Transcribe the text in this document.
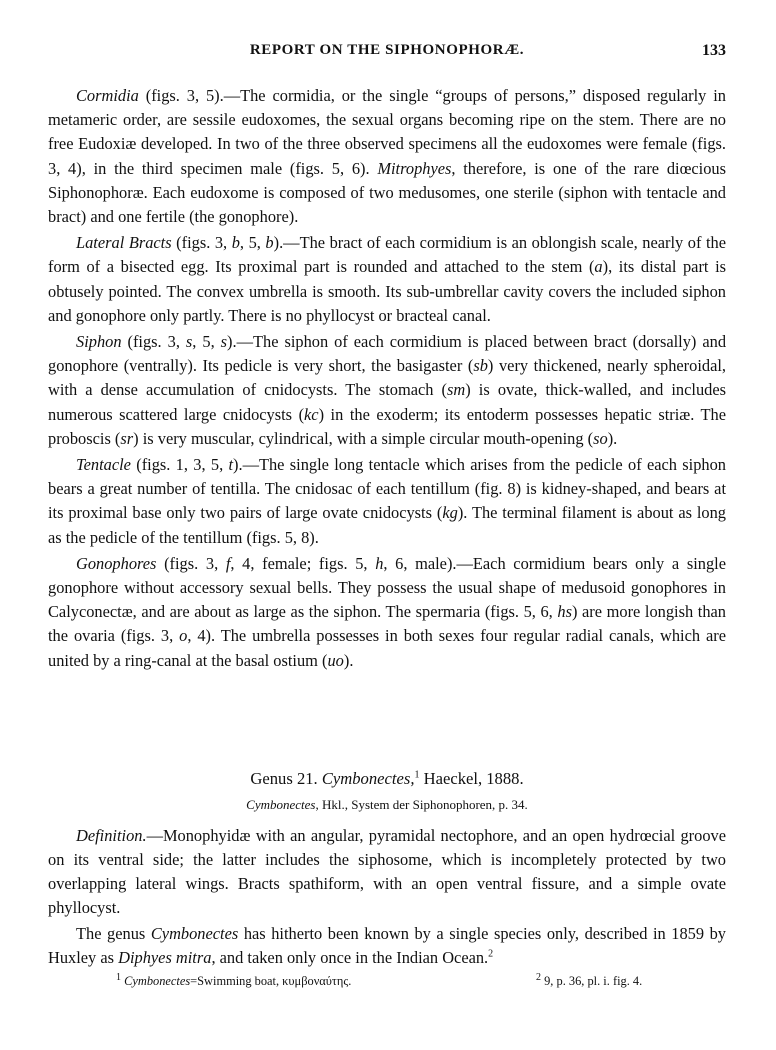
REPORT ON THE SIPHONOPHORÆ.	133

Cormidia (figs. 3, 5).—The cormidia, or the single “groups of persons,” disposed regularly in metameric order, are sessile eudoxomes, the sexual organs becoming ripe on the stem. There are no free Eudoxiæ developed. In two of the three observed specimens all the eudoxomes were female (figs. 3, 4), in the third specimen male (figs. 5, 6). Mitrophyes, therefore, is one of the rare diœcious Siphonophoræ. Each eudoxome is composed of two medusomes, one sterile (siphon with tentacle and bract) and one fertile (the gonophore).

Lateral Bracts (figs. 3, b, 5, b).—The bract of each cormidium is an oblongish scale, nearly of the form of a bisected egg. Its proximal part is rounded and attached to the stem (a), its distal part is obtusely pointed. The convex umbrella is smooth. Its sub-umbrellar cavity covers the included siphon and gonophore only partly. There is no phyllocyst or bracteal canal.

Siphon (figs. 3, s, 5, s).—The siphon of each cormidium is placed between bract (dorsally) and gonophore (ventrally). Its pedicle is very short, the basigaster (sb) very thickened, nearly spheroidal, with a dense accumulation of cnidocysts. The stomach (sm) is ovate, thick-walled, and includes numerous scattered large cnidocysts (kc) in the exoderm; its entoderm possesses hepatic striæ. The proboscis (sr) is very muscular, cylindrical, with a simple circular mouth-opening (so).

Tentacle (figs. 1, 3, 5, t).—The single long tentacle which arises from the pedicle of each siphon bears a great number of tentilla. The cnidosac of each tentillum (fig. 8) is kidney-shaped, and bears at its proximal base only two pairs of large ovate cnidocysts (kg). The terminal filament is about as long as the pedicle of the tentillum (figs. 5, 8).

Gonophores (figs. 3, f, 4, female; figs. 5, h, 6, male).—Each cormidium bears only a single gonophore without accessory sexual bells. They possess the usual shape of medusoid gonophores in Calyconectæ, and are about as large as the siphon. The spermaria (figs. 5, 6, hs) are more longish than the ovaria (figs. 3, o, 4). The umbrella possesses in both sexes four regular radial canals, which are united by a ring-canal at the basal ostium (uo).

Genus 21. Cymbonectes,$^1$ Haeckel, 1888.

Cymbonectes, Hkl., System der Siphonophoren, p. 34.

Definition.—Monophyidæ with an angular, pyramidal nectophore, and an open hydrœcial groove on its ventral side; the latter includes the siphosome, which is incompletely protected by two overlapping lateral wings. Bracts spathiform, with an open ventral fissure, and a simple ovate phyllocyst.

The genus Cymbonectes has hitherto been known by a single species only, described in 1859 by Huxley as Diphyes mitra, and taken only once in the Indian Ocean.$^2$

$^1$ Cymbonectes=Swimming boat, κυμβοναύτης.	$^2$ 9, p. 36, pl. i. fig. 4.
